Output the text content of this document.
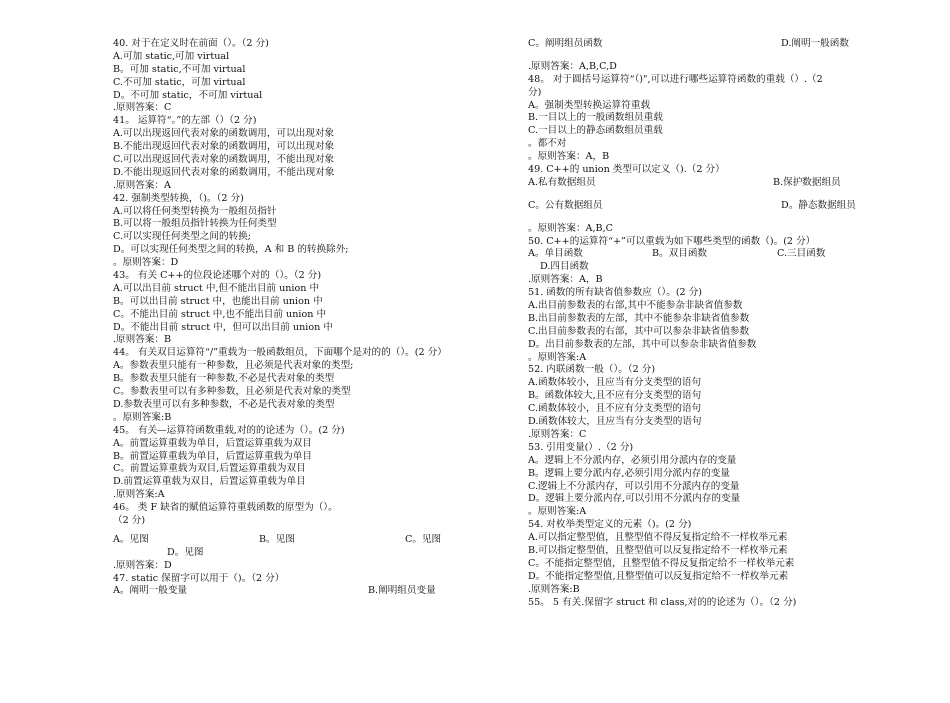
40. 对于在定义时在前面（）。（2 分)
A.可加 static,可加 virtual
B。可加 static,不可加 virtual
C.不可加 static，可加 virtual
D。不可加 static，不可加 virtual
.原则答案：C
41。 运算符“。”的左部（）（2 分)
A.可以出现返回代表对象的函数调用，可以出现对象
B.不能出现返回代表对象的函数调用，可以出现对象
C.可以出现返回代表对象的函数调用，不能出现对象
D.不能出现返回代表对象的函数调用，不能出现对象
.原则答案：A
42. 强制类型转换，（)。（2 分)
A.可以将任何类型转换为一般组员指针
B.可以将一般组员指针转换为任何类型
C.可以实现任何类型之间的转换;
D。可以实现任何类型之间的转换，A 和 B 的转换除外;
。原则答案：D
43。 有关 C++的位段论述哪个对的（）。（2 分)
A.可以出目前 struct 中,但不能出目前 union 中
B。可以出目前 struct 中，也能出目前 union 中
C。不能出目前 struct 中,也不能出目前 union 中
D。不能出目前 struct 中，但可以出目前 union 中
.原则答案：B
44。 有关双目运算符“/”重载为一般函数组员，下面哪个是对的的（）。(2 分）
A。参数表里只能有一种参数，且必须是代表对象的类型;
B。参数表里只能有一种参数,不必是代表对象的类型
C。参数表里可以有多种参数，且必须是代表对象的类型
D.参数表里可以有多种参数，不必是代表对象的类型
。原则答案:B
45。 有关—运算符函数重载,对的的论述为（）。(2 分)
A。前置运算重载为单目，后置运算重载为双目
B。前置运算重载为单目，后置运算重载为单目
C。前置运算重载为双目,后置运算重载为双目
D.前置运算重载为双目，后置运算重载为单目
.原则答案:A
46。 类 F 缺省的赋值运算符重载函数的原型为（）。
（2 分)
A。见图	B。见图	C。见图
D。见图
.原则答案：D
47. static 保留字可以用于（)。（2 分）
A。阐明一般变量	B.阐明组员变量
C。阐明组员函数	D.阐明一般函数
.原则答案：A,B,C,D
48。 对于圆括号运算符“（)",可以进行哪些运算符函数的重载（）.（2
分)
A。强制类型转换运算符重载
B.一目以上的一般函数组员重载
C.一目以上的静态函数组员重载
。都不对
。原则答案：A，B
49. C++的 union 类型可以定义（).（2 分）
A.私有数据组员	B.保护数据组员
C。公有数据组员	D。静态数据组员
。原则答案：A,B,C
50. C++的运算符“+”可以重载为如下哪些类型的函数（)。(2 分）
A。单目函数	B。双目函数	C.三目函数
D.四目函数
.原则答案：A，B
51. 函数的所有缺省值参数应（）。(2 分)
A.出目前参数表的右部,其中不能参杂非缺省值参数
B.出目前参数表的左部，其中不能参杂非缺省值参数
C.出目前参数表的右部，其中可以参杂非缺省值参数
D。出目前参数表的左部，其中可以参杂非缺省值参数
。原则答案:A
52. 内联函数一般（）。（2 分)
A.函数体较小，且应当有分支类型的语句
B。函数体较大,且不应有分支类型的语句
C.函数体较小，且不应有分支类型的语句
D.函数体较大，且应当有分支类型的语句
.原则答案：C
53. 引用变量(）.（2 分)
A。逻辑上不分派内存，必须引用分派内存的变量
B。逻辑上要分派内存,必须引用分派内存的变量
C.逻辑上不分派内存，可以引用不分派内存的变量
D。逻辑上要分派内存,可以引用不分派内存的变量
。原则答案:A
54. 对枚举类型定义的元素（)。(2 分)
A.可以指定整型值，且整型值不得反复指定给不一样枚举元素
B.可以指定整型值，且整型值可以反复指定给不一样枚举元素
C。不能指定整型值，且整型值不得反复指定给不一样枚举元素
D。不能指定整型值,且整型值可以反复指定给不一样枚举元素
.原则答案:B
55。 5 有关.保留字 struct 和 class,对的的论述为（）。（2 分)
